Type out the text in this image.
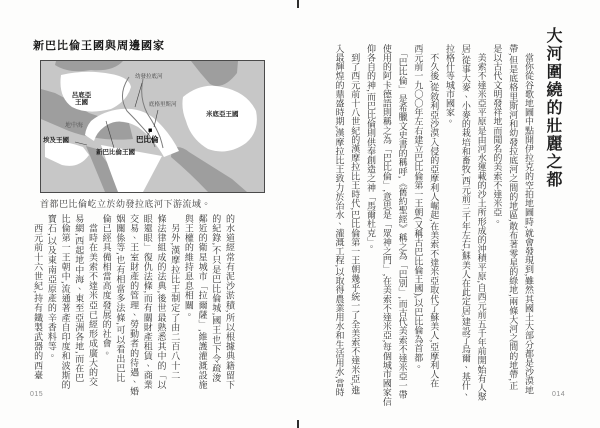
新巴比倫王國與周邊國家
呂底亞王國
米底亞王國
埃及王國
新巴比倫王國
巴比倫
地中海
幼發拉底河
底格里斯河
首都巴比倫屹立於幼發拉底河下游流域。
的水道經常有泥沙淤積,所以根據典籍留下
的紀錄,不只是巴比倫城,國王也下令疏浚
鄰近的衛星城市「拉爾薩」,維護灌溉設施
與王權的維持息息相關。
　另外,漢摩拉比王制定了由二百八十二
條法律組成的法典,後世最熟悉其中的「以
眼還眼」復仇法條,而有關財產租賃、商業
交易、王室財產的管理、勞動者的待遇、婚
姻關係等,也有相當多法條,可以看出巴比
倫已經具備相當高度發展的社會。
　當時在美索不達米亞已經形成廣大的交
易網,西起地中海、東至亞洲各地,而在巴
比倫第一王朝中,流通著產自印度和波斯的
寶石,以及東南亞原產的辛香料等。
　西元前十六世紀,持有鐵製武器的西臺
015
大河圍繞的壯麗之都
　當你從谷歌地圖中點開伊拉克的空拍地圖時,就會發現到,雖然其國土大部分都是沙漠地
帶,但是底格里斯河和幼發拉底河之間的地區,散布著零星的綠地,兩條大河之間的地帶,正
是以古代文明發祥地而聞名的美索不達米亞。
　美索不達米亞平原是由河水運載的沙土所形成的沖積平原,自西元前五千年前開始有人聚
居,從事大麥、小麥的栽培和畜牧,西元前三千年左右,蘇美人在此定居,建設了烏爾、基什、
拉格什等城市國家。
　不久後,從敘利亞沙漠入侵的亞摩利人崛起,在美索不達米亞取代了蘇美人,亞摩利人在
西元前一九〇〇年左右建立巴比倫第一王朝(又稱古巴比倫王國),以巴比倫為首都。
　「巴比倫」是希臘文史書的稱呼,《舊約聖經》稱之為「巴別」,而古代美索不達米亞一帶
使用的阿卡德語則稱之為「巴比倫」,意思是「眾神之門」,在美索不達米亞,每個城市國家信
仰各自的神,而巴比倫則供奉創造之神「馬爾杜克」。
　到了西元前十八世紀的漢摩拉比王時代,巴比倫第一王朝幾乎統一了全美索不達米亞,進
入最輝煌的鼎盛時期,漢摩拉比王致力於治水、灌溉工程,以取得農業用水和生活用水,當時	014
